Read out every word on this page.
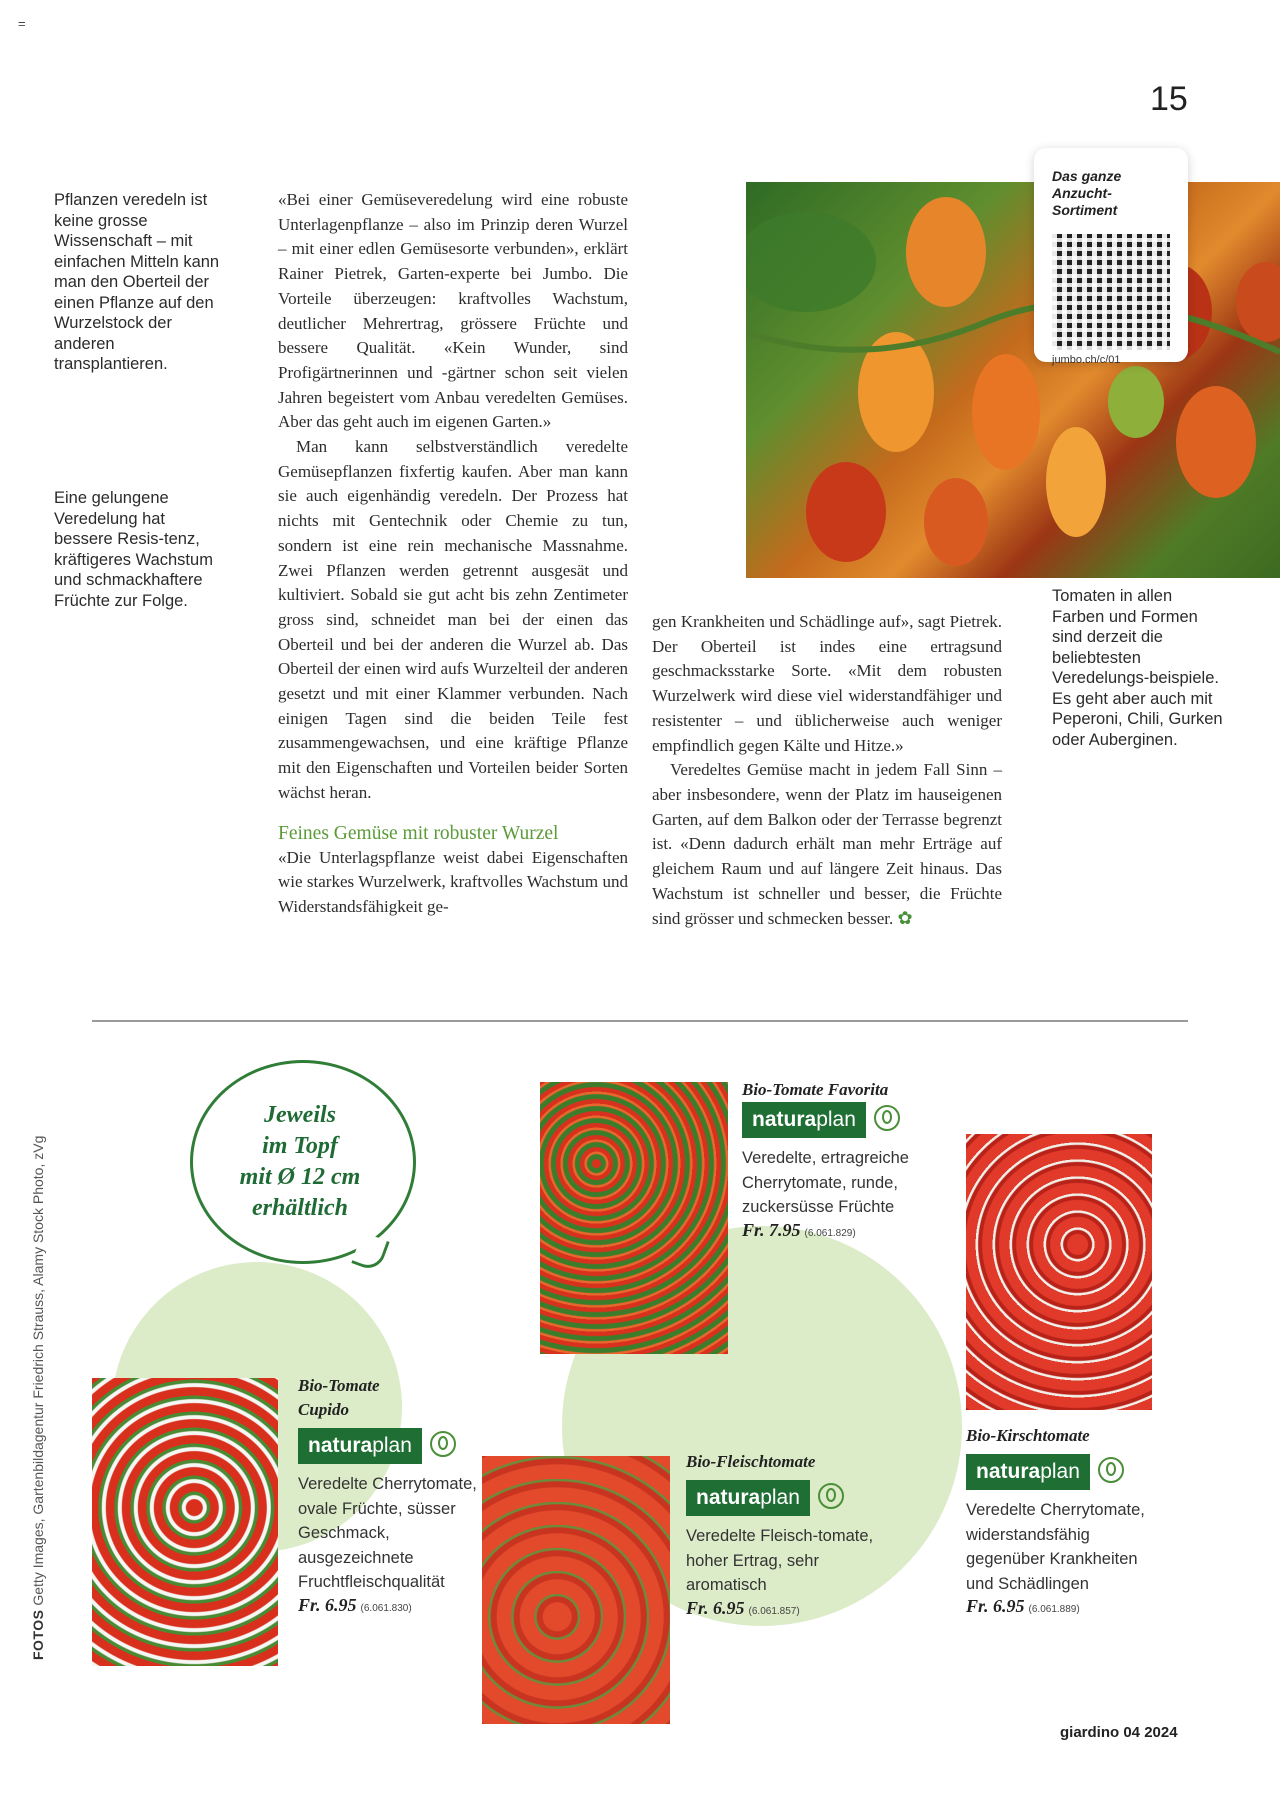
=
15

Pflanzen veredeln ist keine grosse Wissenschaft – mit einfachen Mitteln kann man den Oberteil der einen Pflanze auf den Wurzelstock der anderen transplantieren.

Eine gelungene Veredelung hat bessere Resis-tenz, kräftigeres Wachstum und schmackhaftere Früchte zur Folge.

«Bei einer Gemüseveredelung wird eine robuste Unterlagenpflanze – also im Prinzip deren Wurzel – mit einer edlen Gemüsesorte verbunden», erklärt Rainer Pietrek, Garten-experte bei Jumbo. Die Vorteile überzeugen: kraftvolles Wachstum, deutlicher Mehrertrag, grössere Früchte und bessere Qualität. «Kein Wunder, sind Profigärtnerinnen und -gärtner schon seit vielen Jahren begeistert vom Anbau veredelten Gemüses. Aber das geht auch im eigenen Garten.»

Man kann selbstverständlich veredelte Gemüsepflanzen fixfertig kaufen. Aber man kann sie auch eigenhändig veredeln. Der Prozess hat nichts mit Gentechnik oder Chemie zu tun, sondern ist eine rein mechanische Massnahme. Zwei Pflanzen werden getrennt ausgesät und kultiviert. Sobald sie gut acht bis zehn Zentimeter gross sind, schneidet man bei der einen das Oberteil und bei der anderen die Wurzel ab. Das Oberteil der einen wird aufs Wurzelteil der anderen gesetzt und mit einer Klammer verbunden. Nach einigen Tagen sind die beiden Teile fest zusammengewachsen, und eine kräftige Pflanze mit den Eigenschaften und Vorteilen beider Sorten wächst heran.

Feines Gemüse mit robuster Wurzel

«Die Unterlagspflanze weist dabei Eigenschaften wie starkes Wurzelwerk, kraftvolles Wachstum und Widerstandsfähigkeit ge-

gen Krankheiten und Schädlinge auf», sagt Pietrek. Der Oberteil ist indes eine ertragsund geschmacksstarke Sorte. «Mit dem robusten Wurzelwerk wird diese viel widerstandfähiger und resistenter – und üblicherweise auch weniger empfindlich gegen Kälte und Hitze.»

Veredeltes Gemüse macht in jedem Fall Sinn – aber insbesondere, wenn der Platz im hauseigenen Garten, auf dem Balkon oder der Terrasse begrenzt ist. «Denn dadurch erhält man mehr Erträge auf gleichem Raum und auf längere Zeit hinaus. Das Wachstum ist schneller und besser, die Früchte sind grösser und schmecken besser. ✿

Das ganze Anzucht-Sortiment
jumbo.ch/c/01
Tomaten in allen Farben und Formen sind derzeit die beliebtesten Veredelungs-beispiele. Es geht aber auch mit Peperoni, Chili, Gurken oder Auberginen.
FOTOS Getty Images, Gartenbildagentur Friedrich Strauss, Alamy Stock Photo, zVg
Jeweils
im Topf
mit Ø 12 cm
erhältlich
Bio-Tomate Favorita
naturaplan
Veredelte, ertragreiche Cherrytomate, runde, zuckersüsse Früchte
Fr. 7.95 (6.061.829)
Bio-Tomate
Cupido
naturaplan
Veredelte Cherrytomate, ovale Früchte, süsser Geschmack, ausgezeichnete Fruchtfleischqualität
Fr. 6.95 (6.061.830)
Bio-Fleischtomate
naturaplan
Veredelte Fleisch-tomate, hoher Ertrag, sehr aromatisch
Fr. 6.95 (6.061.857)
Bio-Kirschtomate
naturaplan
Veredelte Cherrytomate, widerstandsfähig gegenüber Krankheiten und Schädlingen
Fr. 6.95 (6.061.889)
giardino 04 2024
